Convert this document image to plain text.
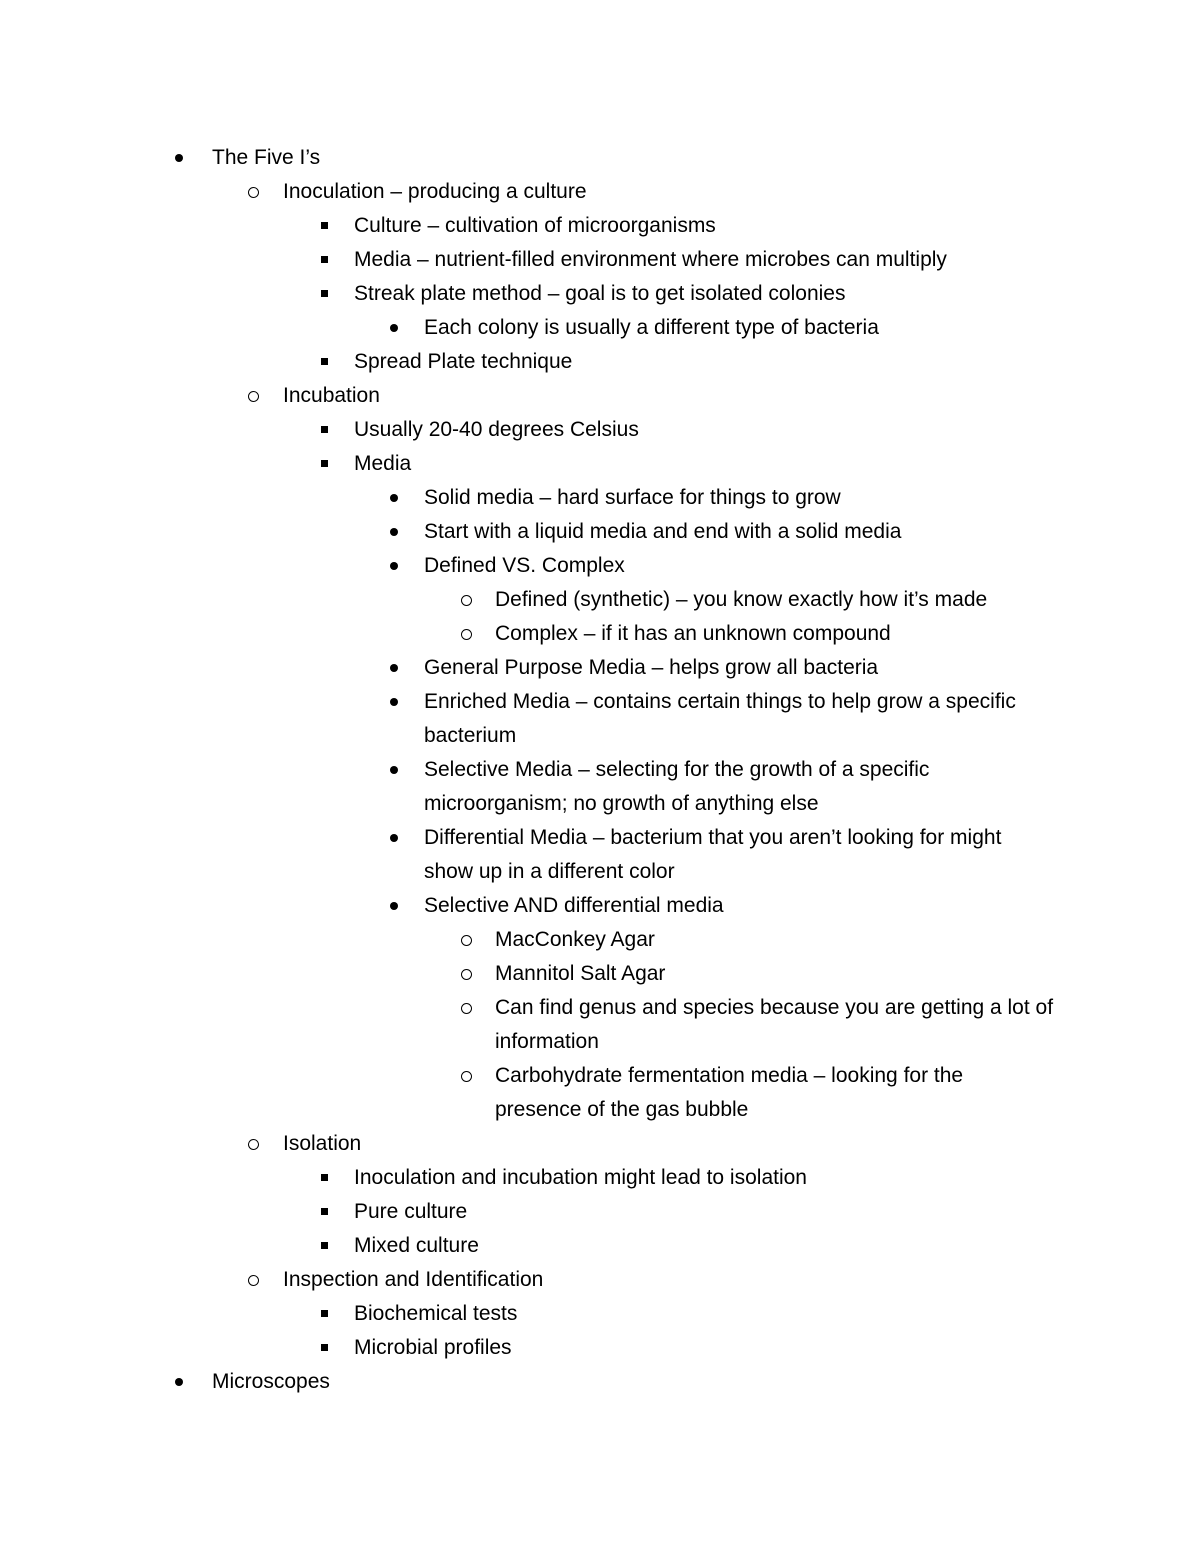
The Five I’s
Inoculation – producing a culture
Culture – cultivation of microorganisms
Media – nutrient-filled environment where microbes can multiply
Streak plate method – goal is to get isolated colonies
Each colony is usually a different type of bacteria
Spread Plate technique
Incubation
Usually 20-40 degrees Celsius
Media
Solid media – hard surface for things to grow
Start with a liquid media and end with a solid media
Defined VS. Complex
Defined (synthetic) – you know exactly how it’s made
Complex – if it has an unknown compound
General Purpose Media – helps grow all bacteria
Enriched Media – contains certain things to help grow a specific bacterium
Selective Media – selecting for the growth of a specific microorganism; no growth of anything else
Differential Media – bacterium that you aren’t looking for might show up in a different color
Selective AND differential media
MacConkey Agar
Mannitol Salt Agar
Can find genus and species because you are getting a lot of information
Carbohydrate fermentation media – looking for the presence of the gas bubble
Isolation
Inoculation and incubation might lead to isolation
Pure culture
Mixed culture
Inspection and Identification
Biochemical tests
Microbial profiles
Microscopes
